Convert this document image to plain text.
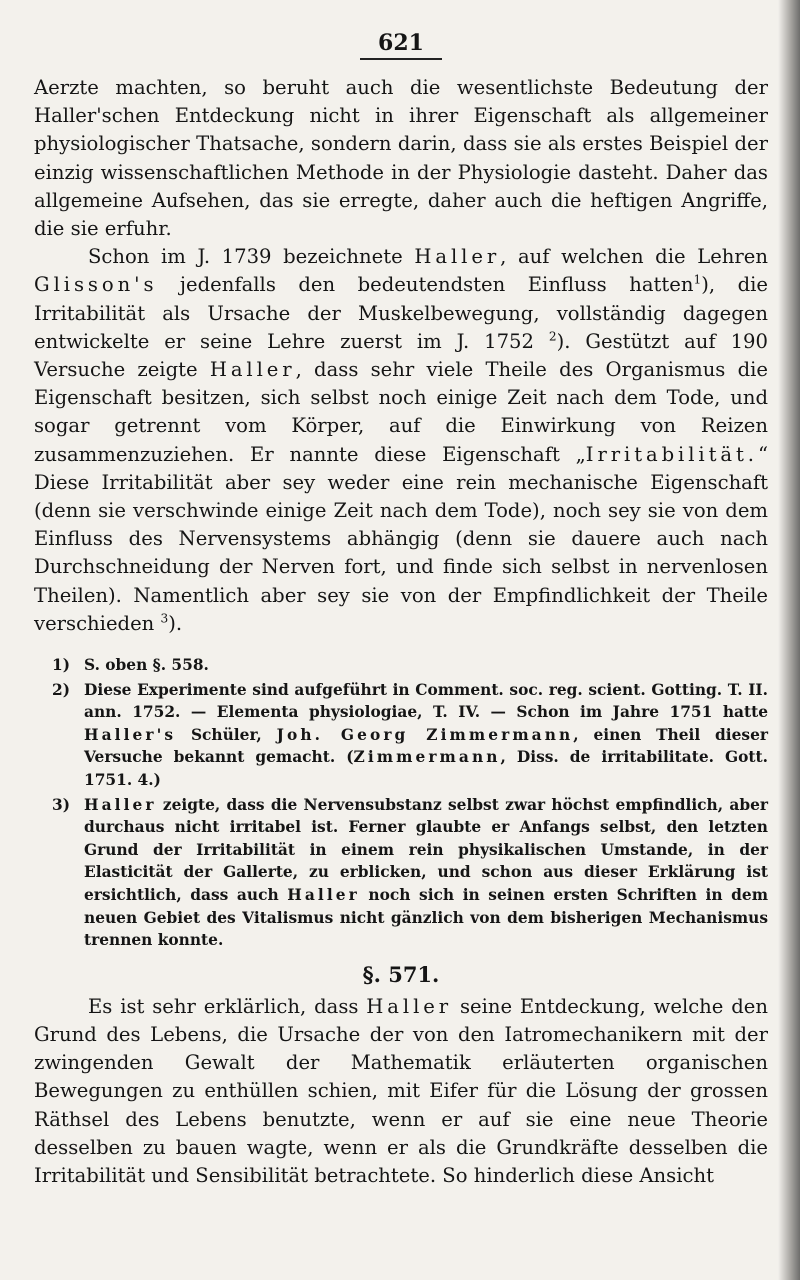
621

Aerzte machten, so beruht auch die wesentlichste Bedeutung der Haller'schen Entdeckung nicht in ihrer Eigenschaft als allgemeiner physiologischer Thatsache, sondern darin, dass sie als erstes Beispiel der einzig wissenschaftlichen Methode in der Physiologie dasteht. Daher das allgemeine Aufsehen, das sie erregte, daher auch die heftigen Angriffe, die sie erfuhr.

Schon im J. 1739 bezeichnete Haller, auf welchen die Lehren Glisson's jedenfalls den bedeutendsten Einfluss hatten$^1$), die Irritabilität als Ursache der Muskelbewegung, vollständig dagegen entwickelte er seine Lehre zuerst im J. 1752 $^2$). Gestützt auf 190 Versuche zeigte Haller, dass sehr viele Theile des Organismus die Eigenschaft besitzen, sich selbst noch einige Zeit nach dem Tode, und sogar getrennt vom Körper, auf die Einwirkung von Reizen zusammenzuziehen. Er nannte diese Eigenschaft „Irritabilität.“ Diese Irritabilität aber sey weder eine rein mechanische Eigenschaft (denn sie verschwinde einige Zeit nach dem Tode), noch sey sie von dem Einfluss des Nervensystems abhängig (denn sie dauere auch nach Durchschneidung der Nerven fort, und finde sich selbst in nervenlosen Theilen). Namentlich aber sey sie von der Empfindlichkeit der Theile verschieden $^3$).

1) S. oben §. 558.
2) Diese Experimente sind aufgeführt in Comment. soc. reg. scient. Gotting. T. II. ann. 1752. — Elementa physiologiae, T. IV. — Schon im Jahre 1751 hatte Haller's Schüler, Joh. Georg Zimmermann, einen Theil dieser Versuche bekannt gemacht. (Zimmermann, Diss. de irritabilitate. Gott. 1751. 4.)
3) Haller zeigte, dass die Nervensubstanz selbst zwar höchst empfindlich, aber durchaus nicht irritabel ist. Ferner glaubte er Anfangs selbst, den letzten Grund der Irritabilität in einem rein physikalischen Umstande, in der Elasticität der Gallerte, zu erblicken, und schon aus dieser Erklärung ist ersichtlich, dass auch Haller noch sich in seinen ersten Schriften in dem neuen Gebiet des Vitalismus nicht gänzlich von dem bisherigen Mechanismus trennen konnte.
§. 571.

Es ist sehr erklärlich, dass Haller seine Entdeckung, welche den Grund des Lebens, die Ursache der von den Iatromechanikern mit der zwingenden Gewalt der Mathematik erläuterten organischen Bewegungen zu enthüllen schien, mit Eifer für die Lösung der grossen Räthsel des Lebens benutzte, wenn er auf sie eine neue Theorie desselben zu bauen wagte, wenn er als die Grundkräfte desselben die Irritabilität und Sensibilität betrachtete. So hinderlich diese Ansicht
